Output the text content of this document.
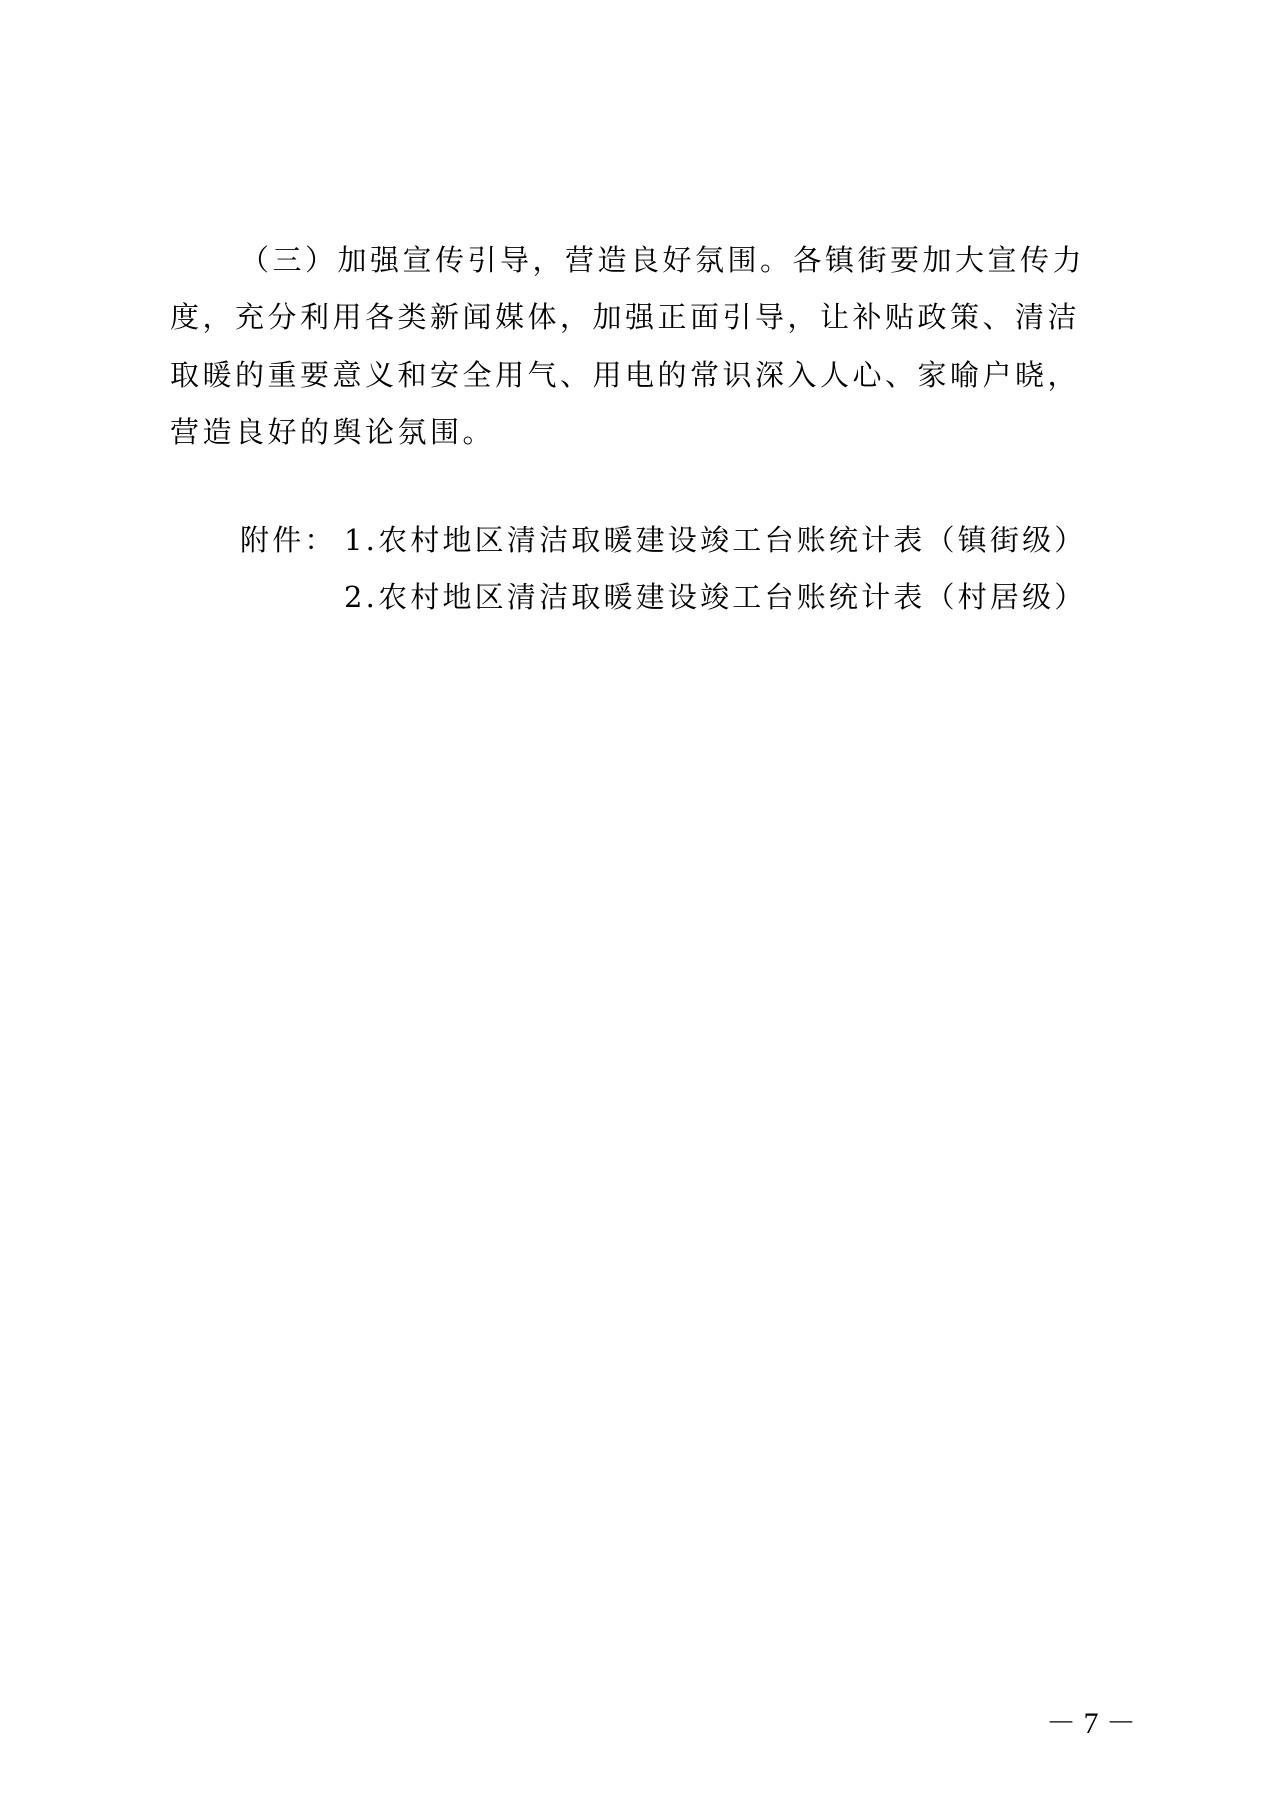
（三）加强宣传引导，营造良好氛围。各镇街要加大宣传力
度，充分利用各类新闻媒体，加强正面引导，让补贴政策、清洁
取暖的重要意义和安全用气、用电的常识深入人心、家喻户晓，
营造良好的舆论氛围。
附件： 1.农村地区清洁取暖建设竣工台账统计表（镇街级）
2.农村地区清洁取暖建设竣工台账统计表（村居级）
－ 7 －
